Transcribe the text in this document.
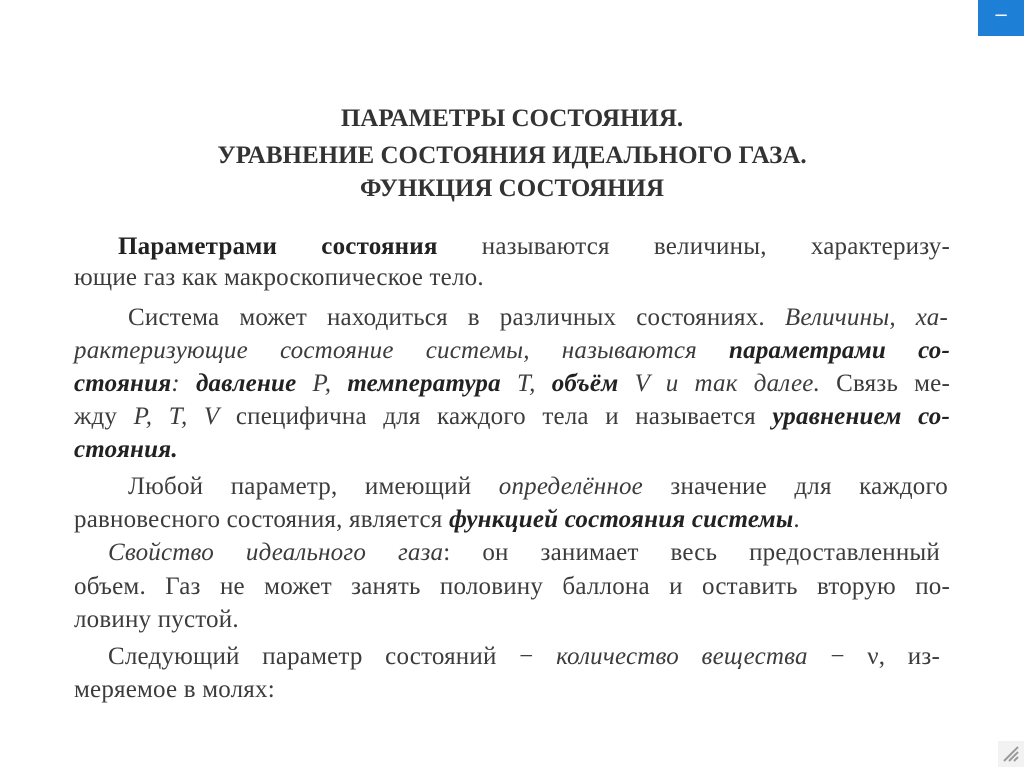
−
ПАРАМЕТРЫ СОСТОЯНИЯ.
УРАВНЕНИЕ СОСТОЯНИЯ ИДЕАЛЬНОГО ГАЗА.
ФУНКЦИЯ СОСТОЯНИЯ
Параметрами состояния называются величины, характеризу-
ющие газ как макроскопическое тело.
Система может находиться в различных состояниях. Величины, ха-
рактеризующие состояние системы, называются параметрами со-
стояния: давление P, температура T, объём V и так далее. Связь ме-
жду P, T, V специфична для каждого тела и называется уравнением со-
стояния.
Любой параметр, имеющий определённое значение для каждого
равновесного состояния, является функцией состояния системы.
Свойство идеального газа: он занимает весь предоставленный
объем. Газ не может занять половину баллона и оставить вторую по-
ловину пустой.
Следующий параметр состояний − количество вещества − ν, из-
меряемое в молях:
